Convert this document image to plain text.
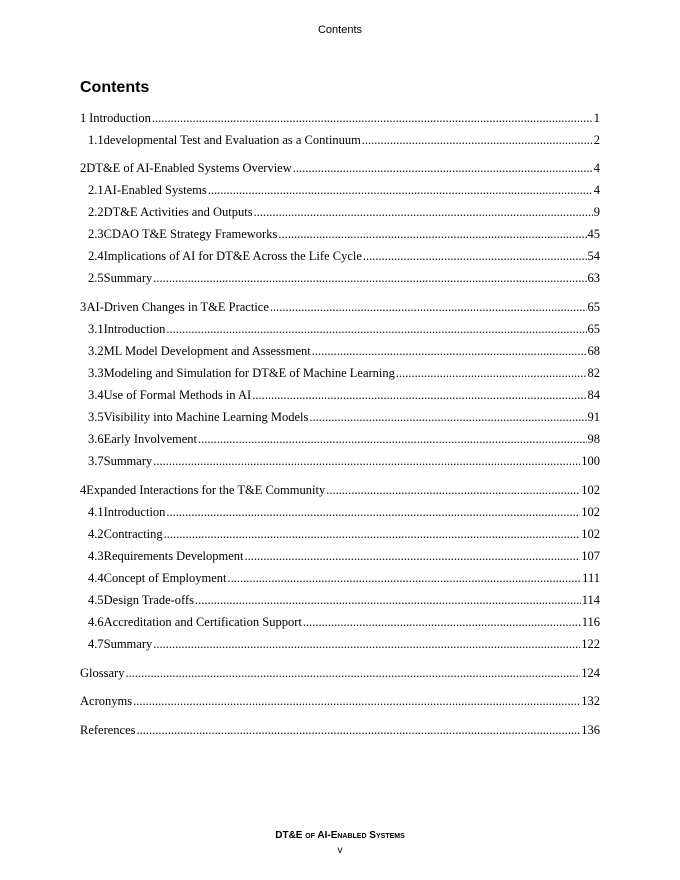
Contents
Contents
1 Introduction .....	1
1.1 developmental Test and Evaluation as a Continuum .....	2
2 DT&E of AI-Enabled Systems Overview .....	4
2.1 AI-Enabled Systems .....	4
2.2 DT&E Activities and Outputs .....	9
2.3 CDAO T&E Strategy Frameworks .....	45
2.4 Implications of AI for DT&E Across the Life Cycle .....	54
2.5 Summary .....	63
3 AI-Driven Changes in T&E Practice .....	65
3.1 Introduction .....	65
3.2 ML Model Development and Assessment .....	68
3.3 Modeling and Simulation for DT&E of Machine Learning .....	82
3.4 Use of Formal Methods in AI .....	84
3.5 Visibility into Machine Learning Models .....	91
3.6 Early Involvement .....	98
3.7 Summary .....	100
4 Expanded Interactions for the T&E Community .....	102
4.1 Introduction .....	102
4.2 Contracting .....	102
4.3 Requirements Development .....	107
4.4 Concept of Employment .....	111
4.5 Design Trade-offs .....	114
4.6 Accreditation and Certification Support .....	116
4.7 Summary .....	122
Glossary .....	124
Acronyms .....	132
References .....	136
DT&E of AI-Enabled Systems
v
